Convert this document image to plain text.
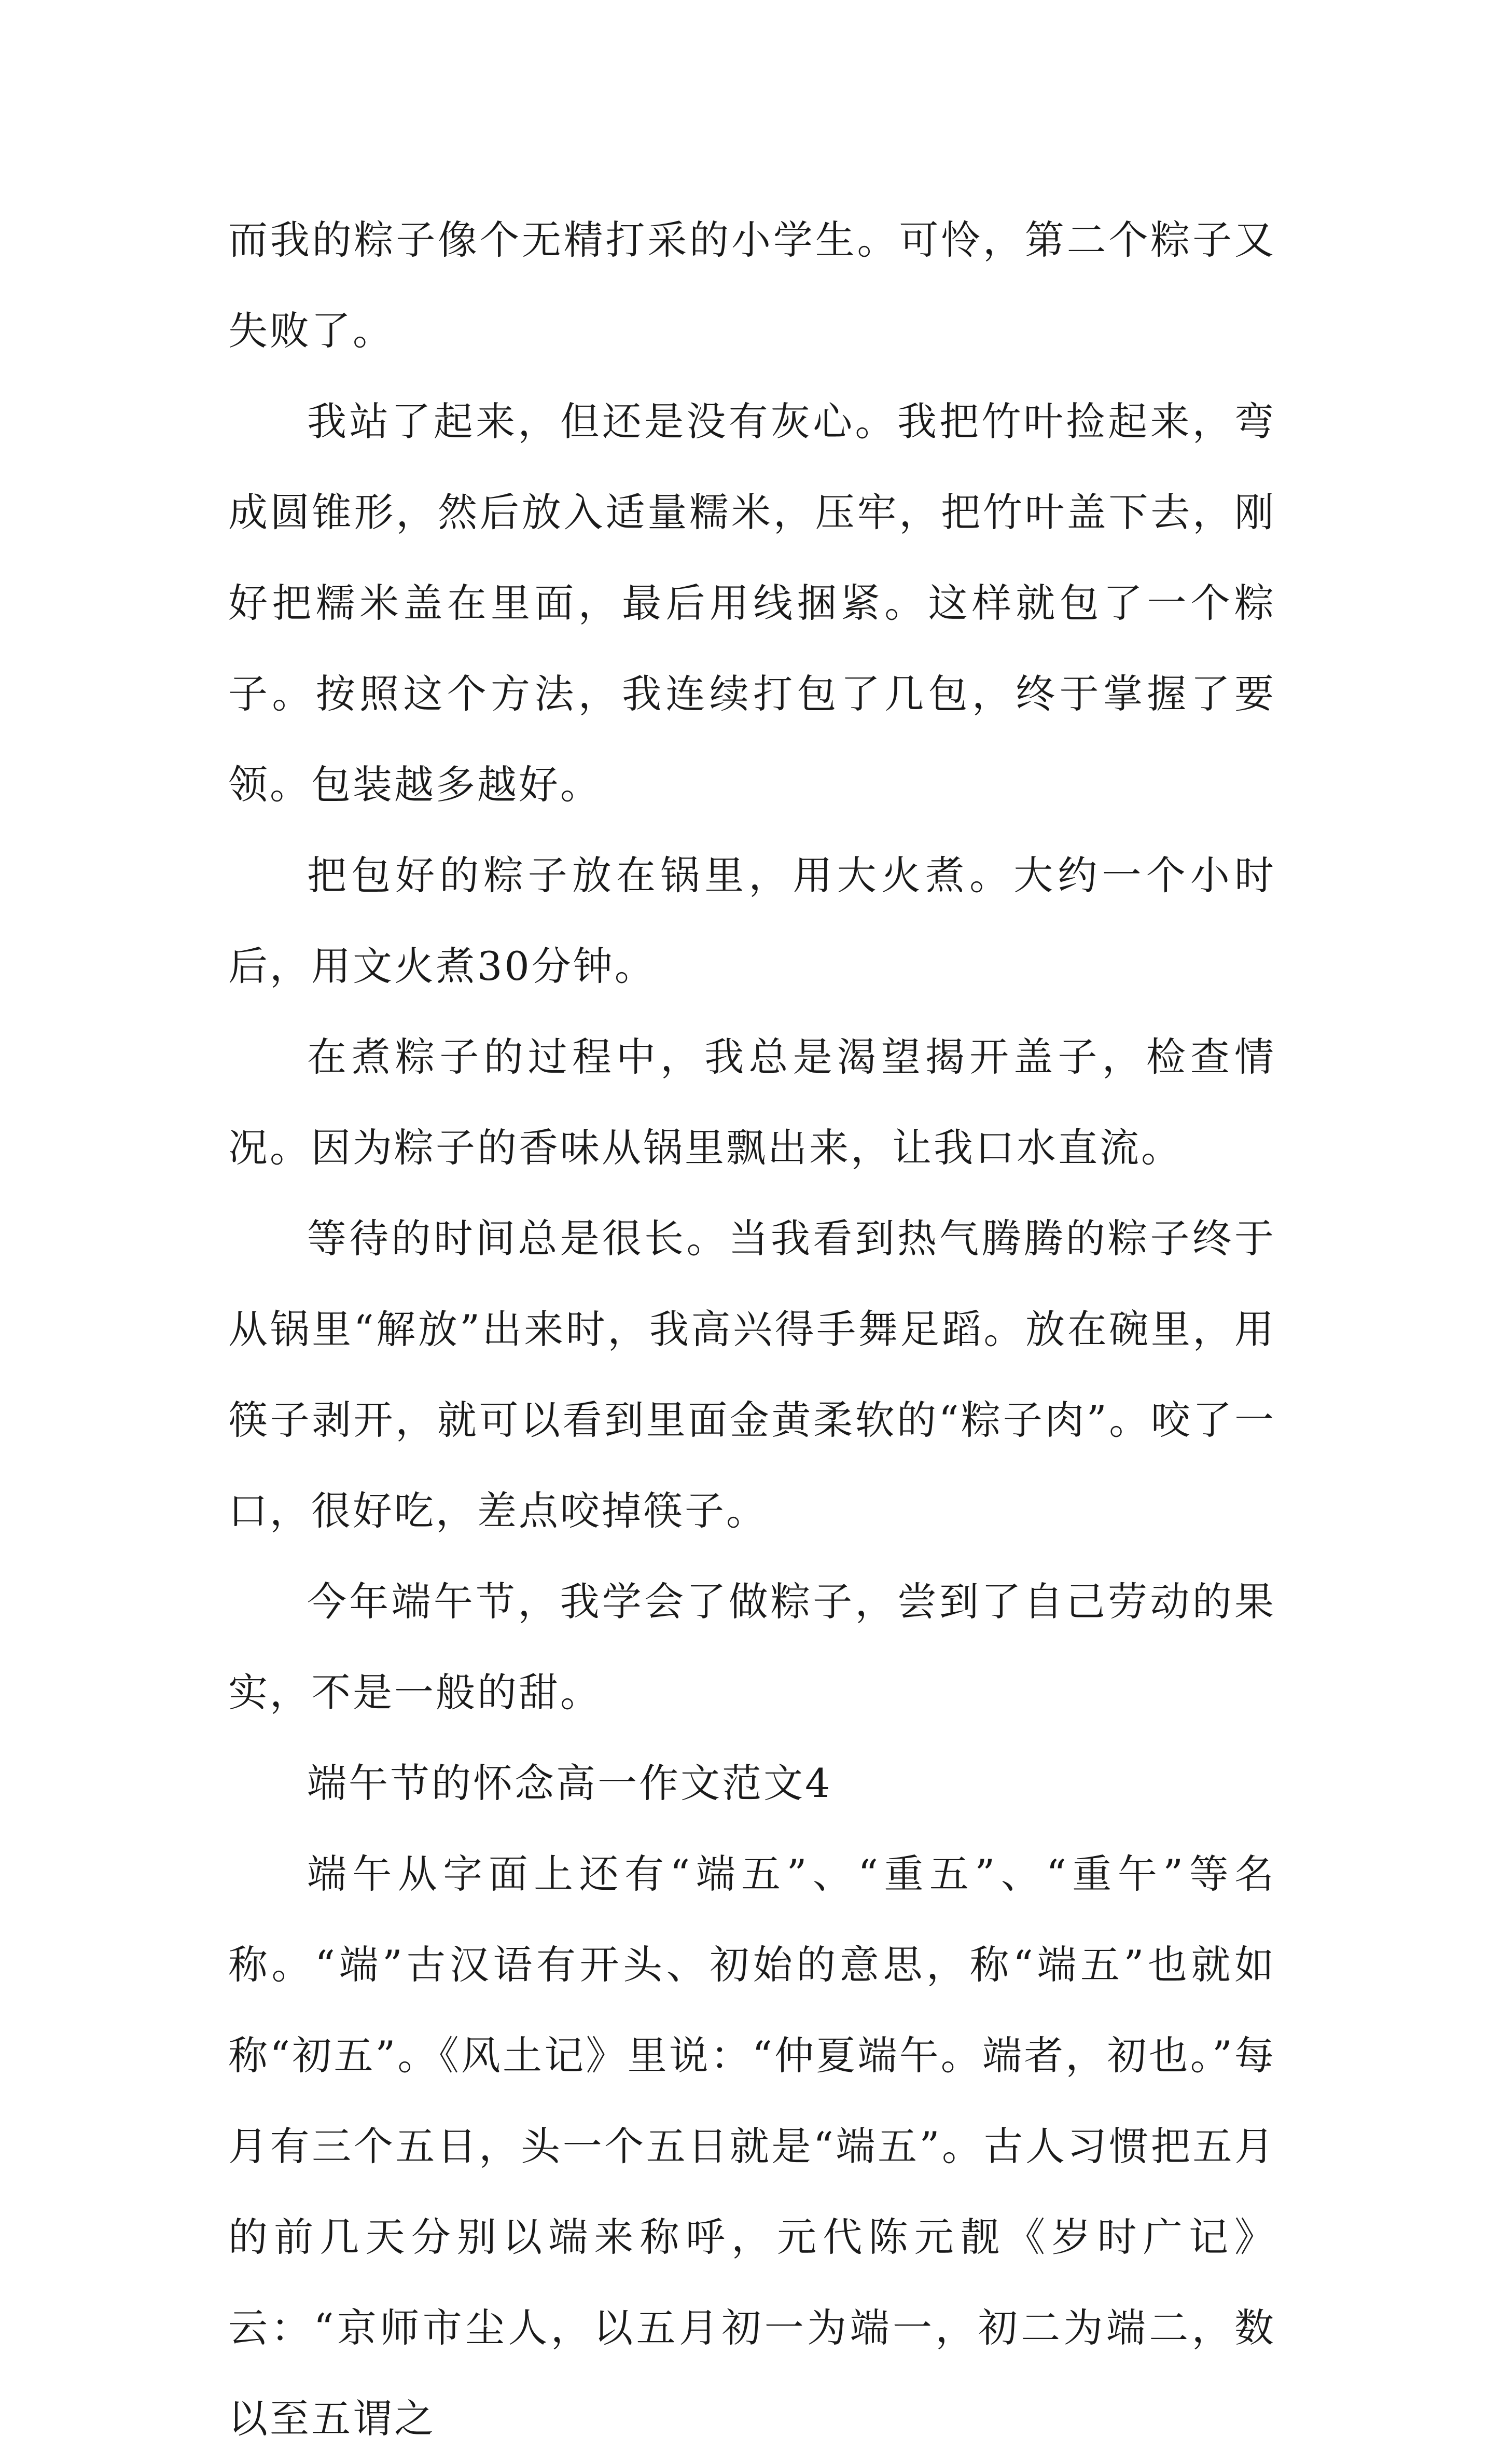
而我的粽子像个无精打采的小学生。可怜，第二个粽子又失败了。

我站了起来，但还是没有灰心。我把竹叶捡起来，弯成圆锥形，然后放入适量糯米，压牢，把竹叶盖下去，刚好把糯米盖在里面，最后用线捆紧。这样就包了一个粽子。按照这个方法，我连续打包了几包，终于掌握了要领。包装越多越好。

把包好的粽子放在锅里，用大火煮。大约一个小时后，用文火煮30分钟。

在煮粽子的过程中，我总是渴望揭开盖子，检查情况。因为粽子的香味从锅里飘出来，让我口水直流。

等待的时间总是很长。当我看到热气腾腾的粽子终于从锅里“解放”出来时，我高兴得手舞足蹈。放在碗里，用筷子剥开，就可以看到里面金黄柔软的“粽子肉”。咬了一口，很好吃，差点咬掉筷子。

今年端午节，我学会了做粽子，尝到了自己劳动的果实，不是一般的甜。

端午节的怀念高一作文范文4

端午从字面上还有“端五”、“重五”、“重午”等名称。“端”古汉语有开头、初始的意思，称“端五”也就如称“初五”。《风土记》里说：“仲夏端午。端者，初也。”每月有三个五日，头一个五日就是“端五”。古人习惯把五月的前几天分别以端来称呼，元代陈元靓《岁时广记》云：“京师市尘人，以五月初一为端一，初二为端二，数以至五谓之
